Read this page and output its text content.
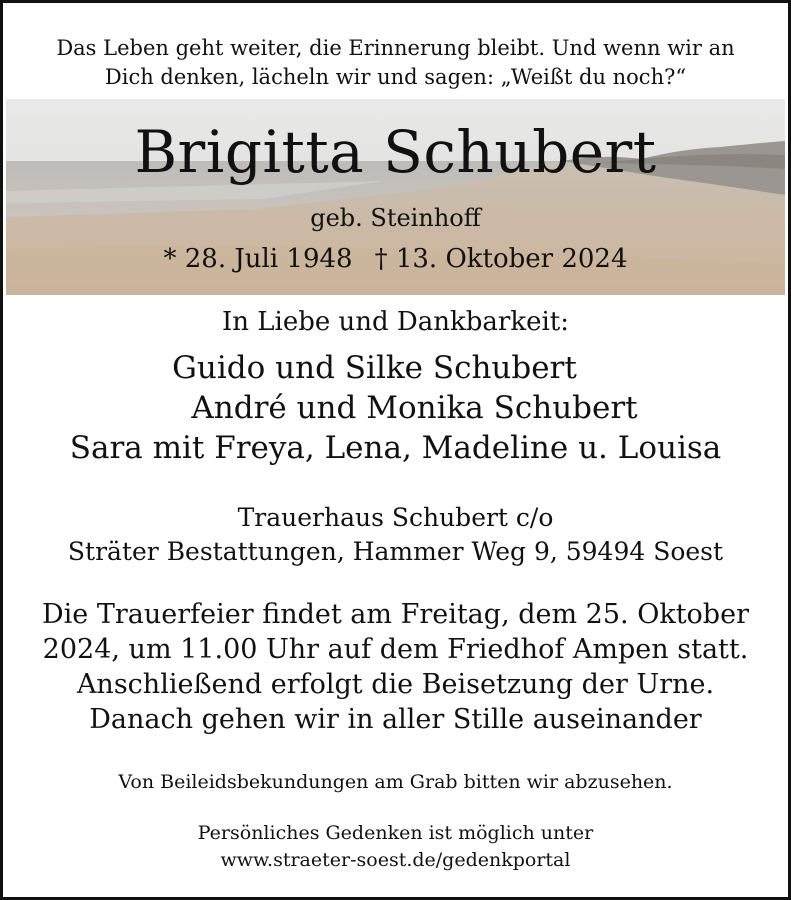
Das Leben geht weiter, die Erinnerung bleibt. Und wenn wir an
Dich denken, lächeln wir und sagen: „Weißt du noch?“
Brigitta Schubert
geb. Steinhoff
* 28. Juli 1948 † 13. Oktober 2024
In Liebe und Dankbarkeit:
Guido und Silke Schubert
André und Monika Schubert
Sara mit Freya, Lena, Madeline u. Louisa
Trauerhaus Schubert c/o
Sträter Bestattungen, Hammer Weg 9, 59494 Soest
Die Trauerfeier findet am Freitag, dem 25. Oktober
2024, um 11.00 Uhr auf dem Friedhof Ampen statt.
Anschließend erfolgt die Beisetzung der Urne.
Danach gehen wir in aller Stille auseinander
Von Beileidsbekundungen am Grab bitten wir abzusehen.
Persönliches Gedenken ist möglich unter
www.straeter-soest.de/gedenkportal
